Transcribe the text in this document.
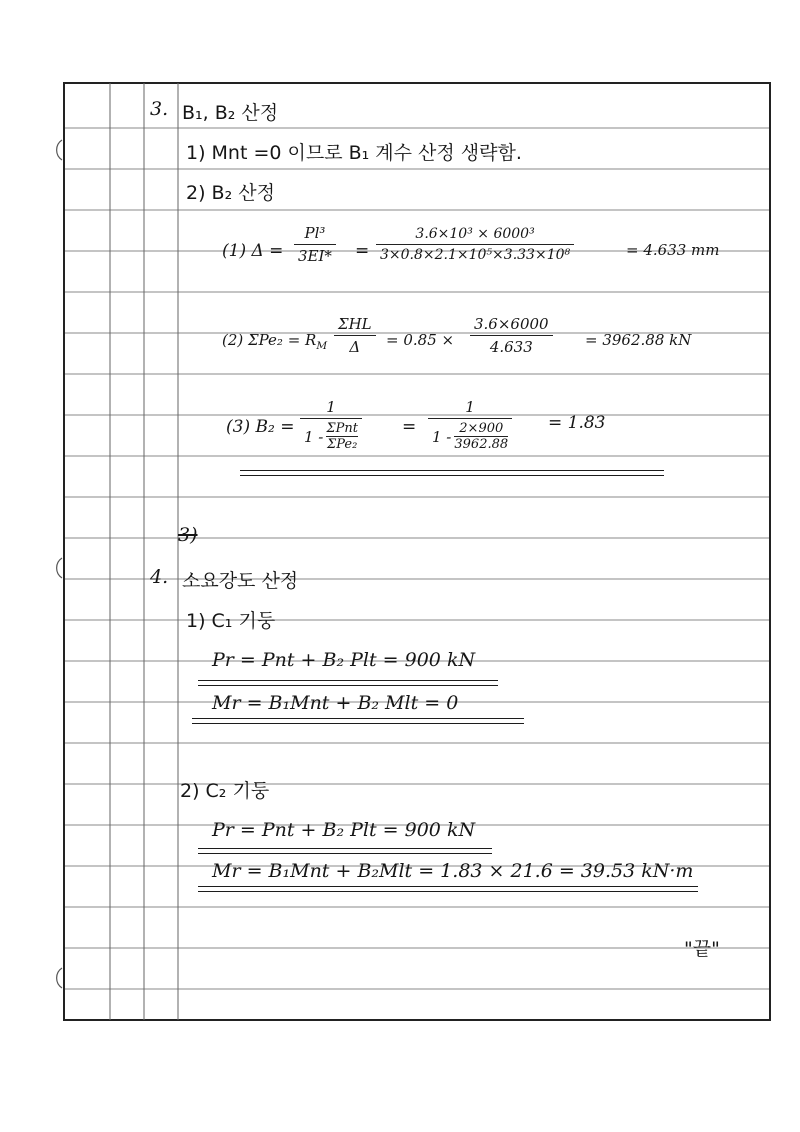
3. B₁, B₂ 산정
1) Mnt =0 이므로 B₁ 계수 산정 생략함.
2) B₂ 산정
(1) $\Delta = \frac{\text{Pl³}}{3EI*} = \frac{\text{3.6×10³ × 6000³}}{\text{3×0.8×2.1×10⁵×3.33×10⁸}}$	= 4.633 mm
(2) $\Sigma Pe_2 = R_M$
ΣHL
Δ	= $0.85 \times \frac{3.6\times 6000}{4.633} = 3962.88$ kN
(3) B₂ =
1
1 - ΣPnt
ΣPe₂
= $\frac{1}{1 - \frac{2\times 900}{3962.88}} = 1.83$
3)
4. 소요강도 산정
1) C₁ 기둥
Pr = Pnt + B₂ Plt = 900 kN
Mr = B₁Mnt + B₂ Mlt = 0
2) C₂ 기둥
Pr = Pnt + B₂ Plt = 900 kN
Mr = B₁Mnt + B₂Mlt = 1.83 × 21.6 = 39.53 kN·m
"끝"
